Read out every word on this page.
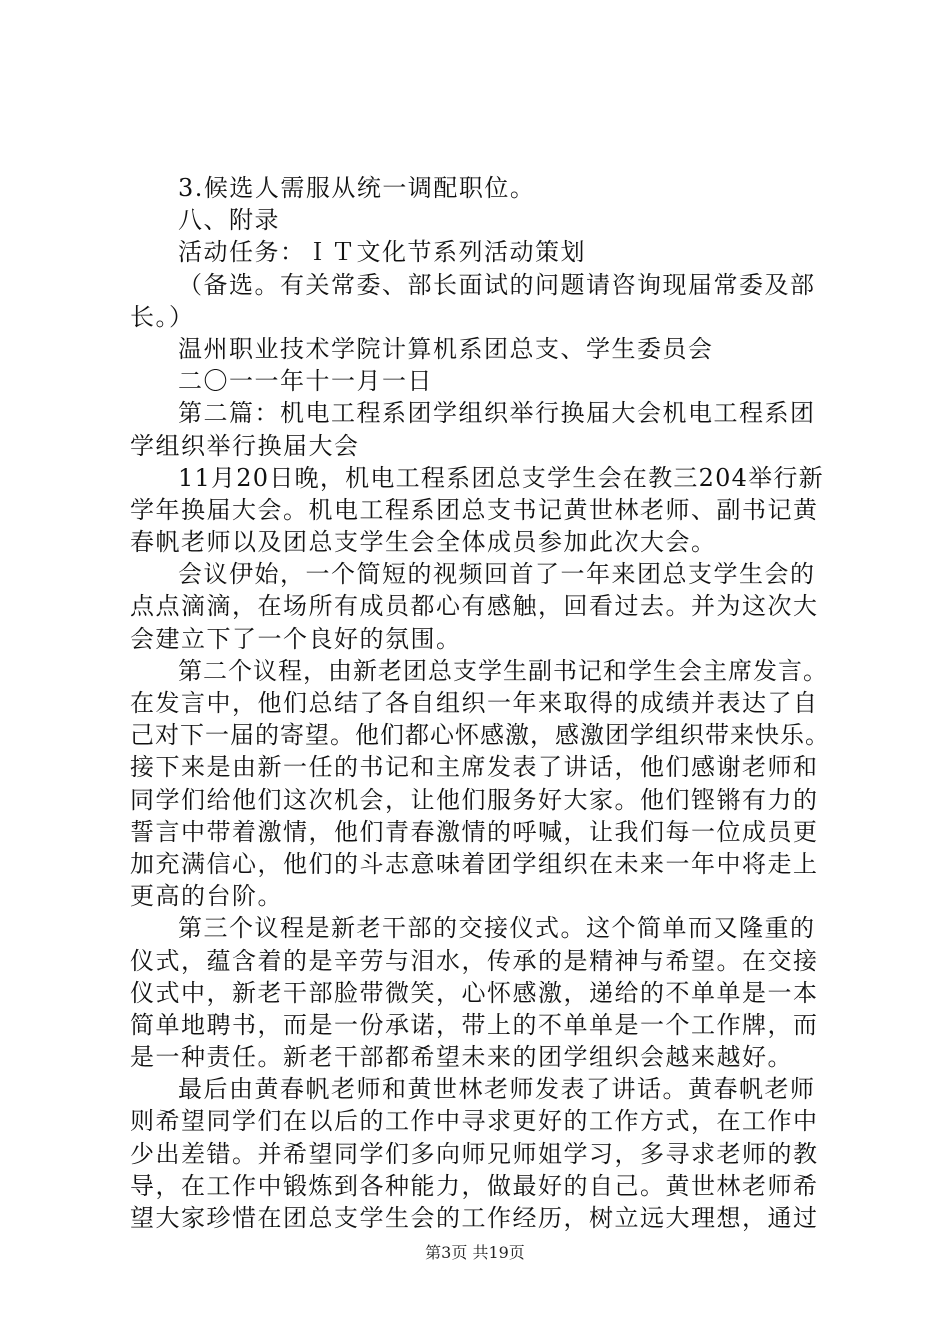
3.候选人需服从统一调配职位。
八、附录
活动任务：ＩＴ文化节系列活动策划
（备选。有关常委、部长面试的问题请咨询现届常委及部
长。）
温州职业技术学院计算机系团总支、学生委员会
二〇一一年十一月一日
第二篇：机电工程系团学组织举行换届大会机电工程系团
学组织举行换届大会
11月20日晚，机电工程系团总支学生会在教三204举行新
学年换届大会。机电工程系团总支书记黄世林老师、副书记黄
春帆老师以及团总支学生会全体成员参加此次大会。
会议伊始，一个简短的视频回首了一年来团总支学生会的
点点滴滴，在场所有成员都心有感触，回看过去。并为这次大
会建立下了一个良好的氛围。
第二个议程，由新老团总支学生副书记和学生会主席发言。
在发言中，他们总结了各自组织一年来取得的成绩并表达了自
己对下一届的寄望。他们都心怀感激，感激团学组织带来快乐。
接下来是由新一任的书记和主席发表了讲话，他们感谢老师和
同学们给他们这次机会，让他们服务好大家。他们铿锵有力的
誓言中带着激情，他们青春激情的呼喊，让我们每一位成员更
加充满信心，他们的斗志意味着团学组织在未来一年中将走上
更高的台阶。
第三个议程是新老干部的交接仪式。这个简单而又隆重的
仪式，蕴含着的是辛劳与泪水，传承的是精神与希望。在交接
仪式中，新老干部脸带微笑，心怀感激，递给的不单单是一本
简单地聘书，而是一份承诺，带上的不单单是一个工作牌，而
是一种责任。新老干部都希望未来的团学组织会越来越好。
最后由黄春帆老师和黄世林老师发表了讲话。黄春帆老师
则希望同学们在以后的工作中寻求更好的工作方式，在工作中
少出差错。并希望同学们多向师兄师姐学习，多寻求老师的教
导，在工作中锻炼到各种能力，做最好的自己。黄世林老师希
望大家珍惜在团总支学生会的工作经历，树立远大理想，通过
第3页 共19页
